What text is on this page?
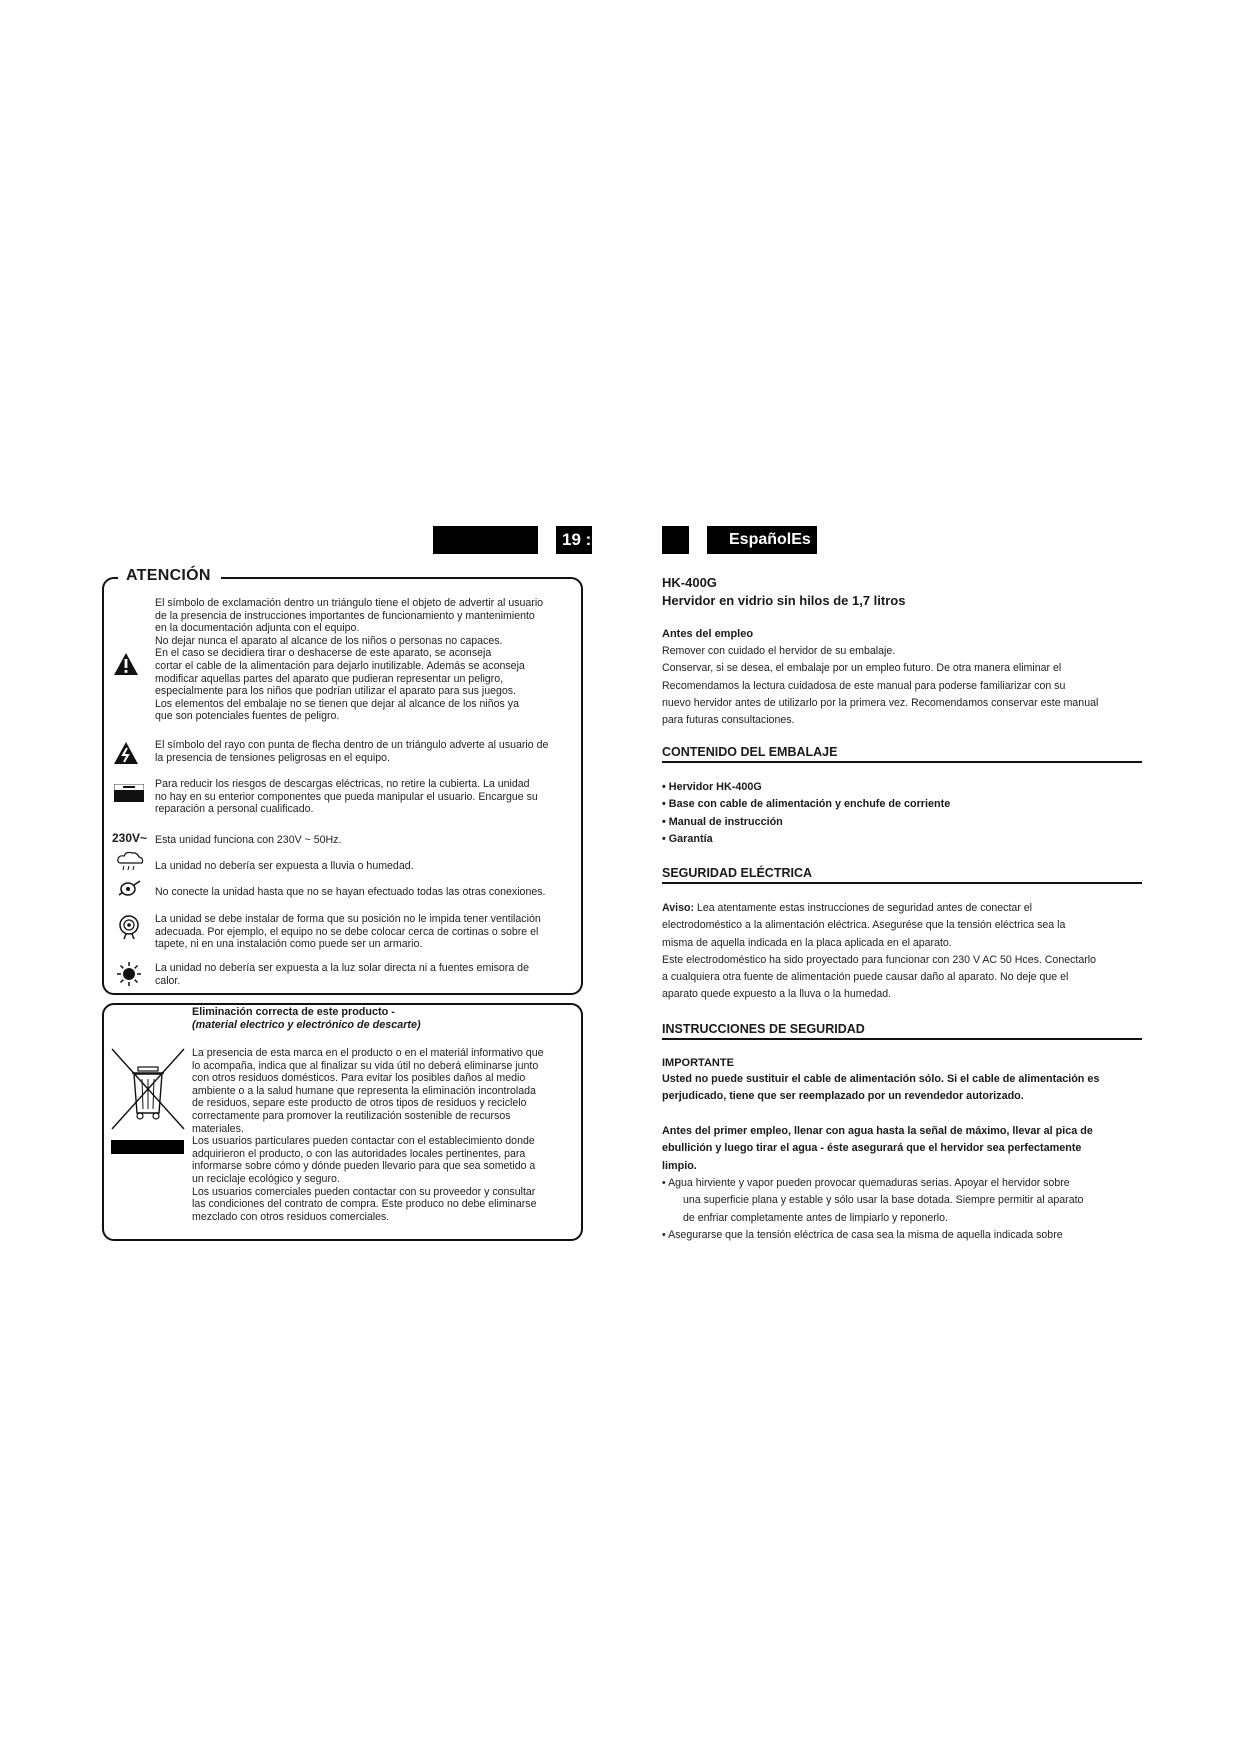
19 :	EspañolEs
ATENCIÓN
El símbolo de exclamación dentro un triángulo tiene el objeto de advertir al usuario
de la presencia de instrucciones importantes de funcionamiento y mantenimiento
en la documentación adjunta con el equipo.
No dejar nunca el aparato al alcance de los niños o personas no capaces.
En el caso se decidiera tirar o deshacerse de este aparato, se aconseja
cortar el cable de la alimentación para dejarlo inutilizable. Además se aconseja
modificar aquellas partes del aparato que pudieran representar un peligro,
especialmente para los niños que podrían utilizar el aparato para sus juegos.
Los elementos del embalaje no se tienen que dejar al alcance de los niños ya
que son potenciales fuentes de peligro.
El símbolo del rayo con punta de flecha dentro de un triángulo adverte al usuario de
la presencia de tensiones peligrosas en el equipo.
Para reducir los riesgos de descargas eléctricas, no retire la cubierta. La unidad
no hay en su enterior componentes que pueda manipular el usuario. Encargue su
reparación a personal cualificado.
230V~ Esta unidad funciona con 230V ~ 50Hz.
La unidad no debería ser expuesta a lluvia o humedad.
No conecte la unidad hasta que no se hayan efectuado todas las otras conexiones.
La unidad se debe instalar de forma que su posición no le impida tener ventilación
adecuada. Por ejemplo, el equipo no se debe colocar cerca de cortinas o sobre el
tapete, ni en una instalación como puede ser un armario.
La unidad no debería ser expuesta a la luz solar directa ni a fuentes emisora de
calor.
Eliminación correcta de este producto -
(material electrico y electrónico de descarte)
La presencia de esta marca en el producto o en el materiál informativo que
lo acompaña, indica que al finalizar su vida útil no deberá eliminarse junto
con otros residuos domésticos. Para evitar los posibles daños al medio
ambiente o a la salud humane que representa la eliminación incontrolada
de residuos, separe este producto de otros tipos de residuos y reciclelo
correctamente para promover la reutilización sostenible de recursos
materiales.
Los usuarios particulares pueden contactar con el establecimiento donde
adquirieron el producto, o con las autoridades locales pertinentes, para
informarse sobre cómo y dónde pueden llevario para que sea sometido a
un reciclaje ecológico y seguro.
Los usuarios comerciales pueden contactar con su proveedor y consultar
las condiciones del contrato de compra. Este produco no debe eliminarse
mezclado con otros residuos comerciales.
HK-400G
Hervidor en vidrio sin hilos de 1,7 litros
Antes del empleo

Remover con cuidado el hervidor de su embalaje.

Conservar, si se desea, el embalaje por un empleo futuro. De otra manera eliminar el

Recomendamos la lectura cuidadosa de este manual para poderse familiarizar con su

nuevo hervidor antes de utilizarlo por la primera vez. Recomendamos conservar este manual

para futuras consultaciones.

CONTENIDO DEL EMBALAJE
• Hervidor HK-400G
• Base con cable de alimentación y enchufe de corriente
• Manual de instrucción
• Garantía
SEGURIDAD ELÉCTRICA

Aviso: Lea atentamente estas instrucciones de seguridad antes de conectar el

electrodoméstico a la alimentación eléctrica. Asegurése que la tensión eléctrica sea la

misma de aquella indicada en la placa aplicada en el aparato.

Este electrodoméstico ha sido proyectado para funcionar con 230 V AC 50 Hces. Conectarlo

a cualquiera otra fuente de alimentación puede causar daño al aparato. No deje que el

aparato quede expuesto a la lluva o la humedad.

INSTRUCCIONES DE SEGURIDAD
IMPORTANTE
Usted no puede sustituir el cable de alimentación sólo. Si el cable de alimentación es
perjudicado, tiene que ser reemplazado por un revendedor autorizado.
Antes del primer empleo, llenar con agua hasta la señal de máximo, llevar al pica de
ebullición y luego tirar el agua - éste asegurará que el hervidor sea perfectamente
limpio.
• Agua hirviente y vapor pueden provocar quemaduras serias. Apoyar el hervidor sobre
una superficie plana y estable y sólo usar la base dotada. Siempre permitir al aparato
de enfriar completamente antes de limpiarlo y reponerlo.
• Asegurarse que la tensión eléctrica de casa sea la misma de aquella indicada sobre
